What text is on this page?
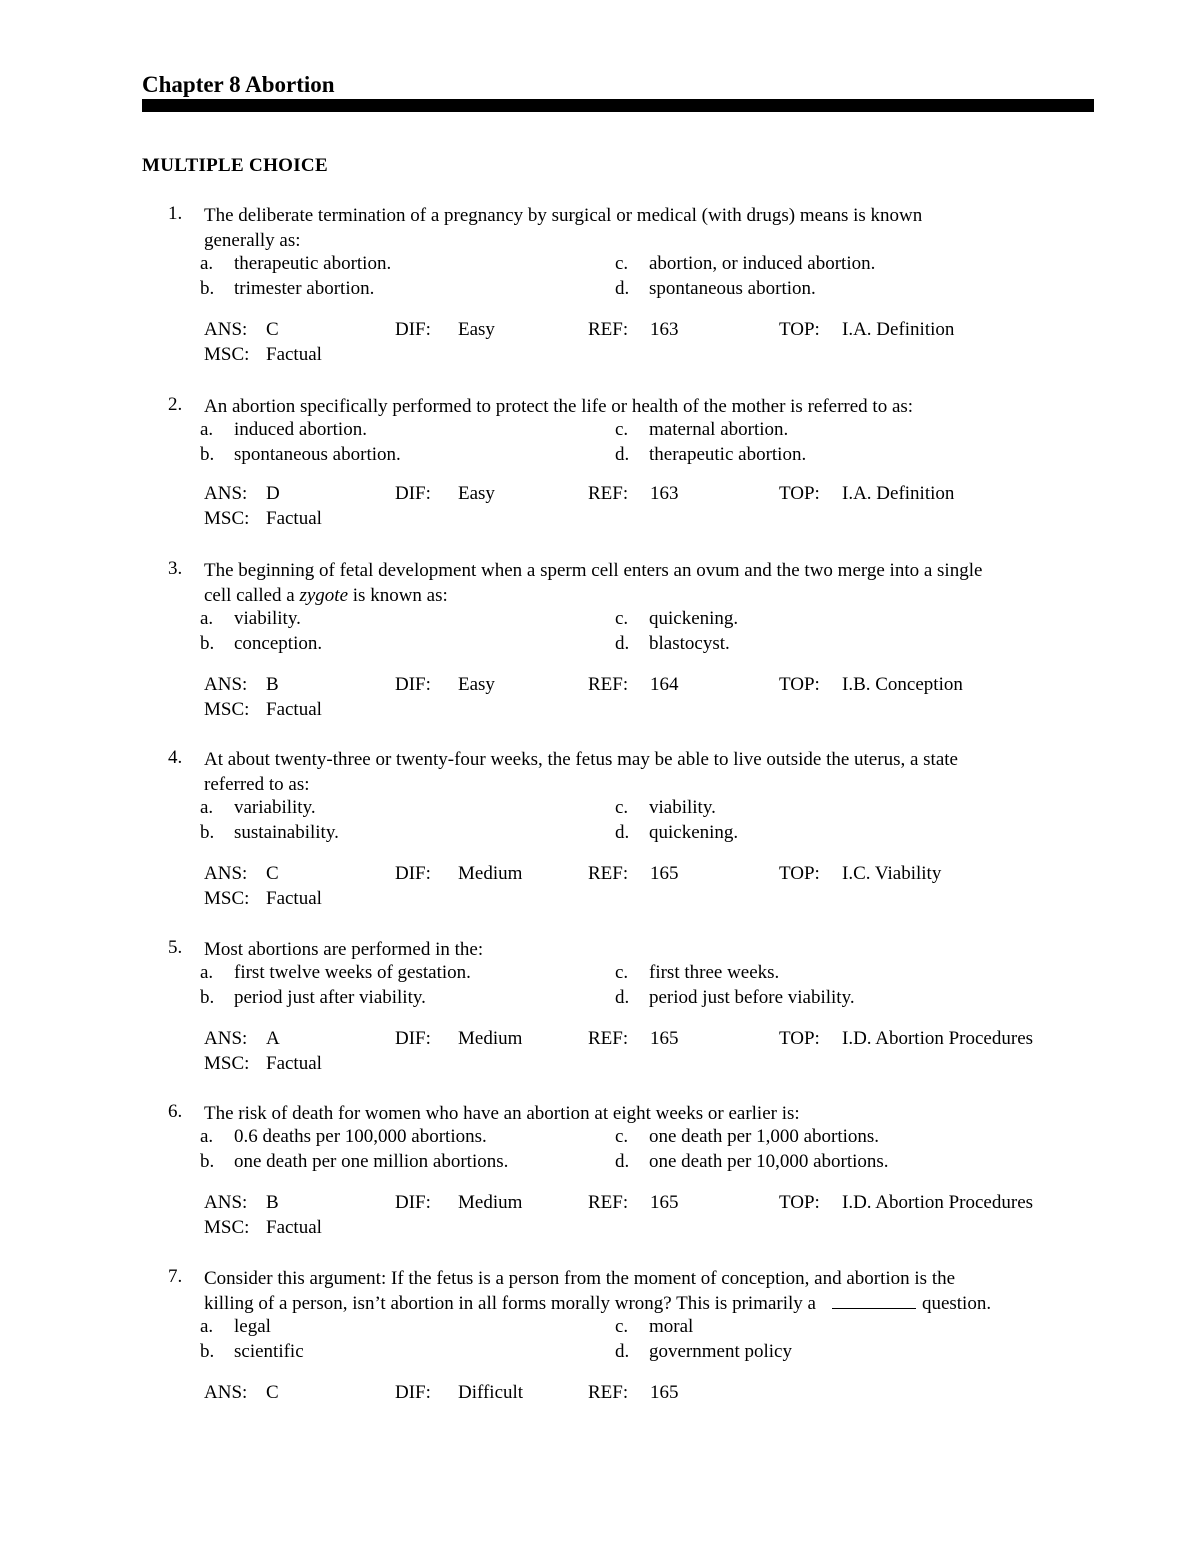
Chapter 8 Abortion
MULTIPLE CHOICE
1.	The deliberate termination of a pregnancy by surgical or medical (with drugs) means is known
generally as:
a. therapeutic abortion.
b. trimester abortion.
c. abortion, or induced abortion.
d. spontaneous abortion.
ANS: C	DIF: Easy	REF: 163	TOP: I.A. Definition
MSC: Factual
2.	An abortion specifically performed to protect the life or health of the mother is referred to as:
a. induced abortion.
b. spontaneous abortion.
c. maternal abortion.
d. therapeutic abortion.
ANS: D	DIF: Easy	REF: 163	TOP: I.A. Definition
MSC: Factual
3.	The beginning of fetal development when a sperm cell enters an ovum and the two merge into a single
cell called a zygote is known as:
a. viability.
b. conception.
c. quickening.
d. blastocyst.
ANS: B	DIF: Easy	REF: 164	TOP: I.B. Conception
MSC: Factual
4.	At about twenty-three or twenty-four weeks, the fetus may be able to live outside the uterus, a state
referred to as:
a. variability.
b. sustainability.
c. viability.
d. quickening.
ANS: C	DIF: Medium	REF: 165	TOP: I.C. Viability
MSC: Factual
5.	Most abortions are performed in the:
a. first twelve weeks of gestation.
b. period just after viability.
c. first three weeks.
d. period just before viability.
ANS: A	DIF: Medium	REF: 165	TOP: I.D. Abortion Procedures
MSC: Factual
6.	The risk of death for women who have an abortion at eight weeks or earlier is:
a. 0.6 deaths per 100,000 abortions.
b. one death per one million abortions.
c. one death per 1,000 abortions.
d. one death per 10,000 abortions.
ANS: B	DIF: Medium	REF: 165	TOP: I.D. Abortion Procedures
MSC: Factual
7.	Consider this argument: If the fetus is a person from the moment of conception, and abortion is the
killing of a person, isn’t abortion in all forms morally wrong? This is primarily a	question.
a. legal
b. scientific
c. moral
d. government policy
ANS: C	DIF: Difficult	REF: 165
